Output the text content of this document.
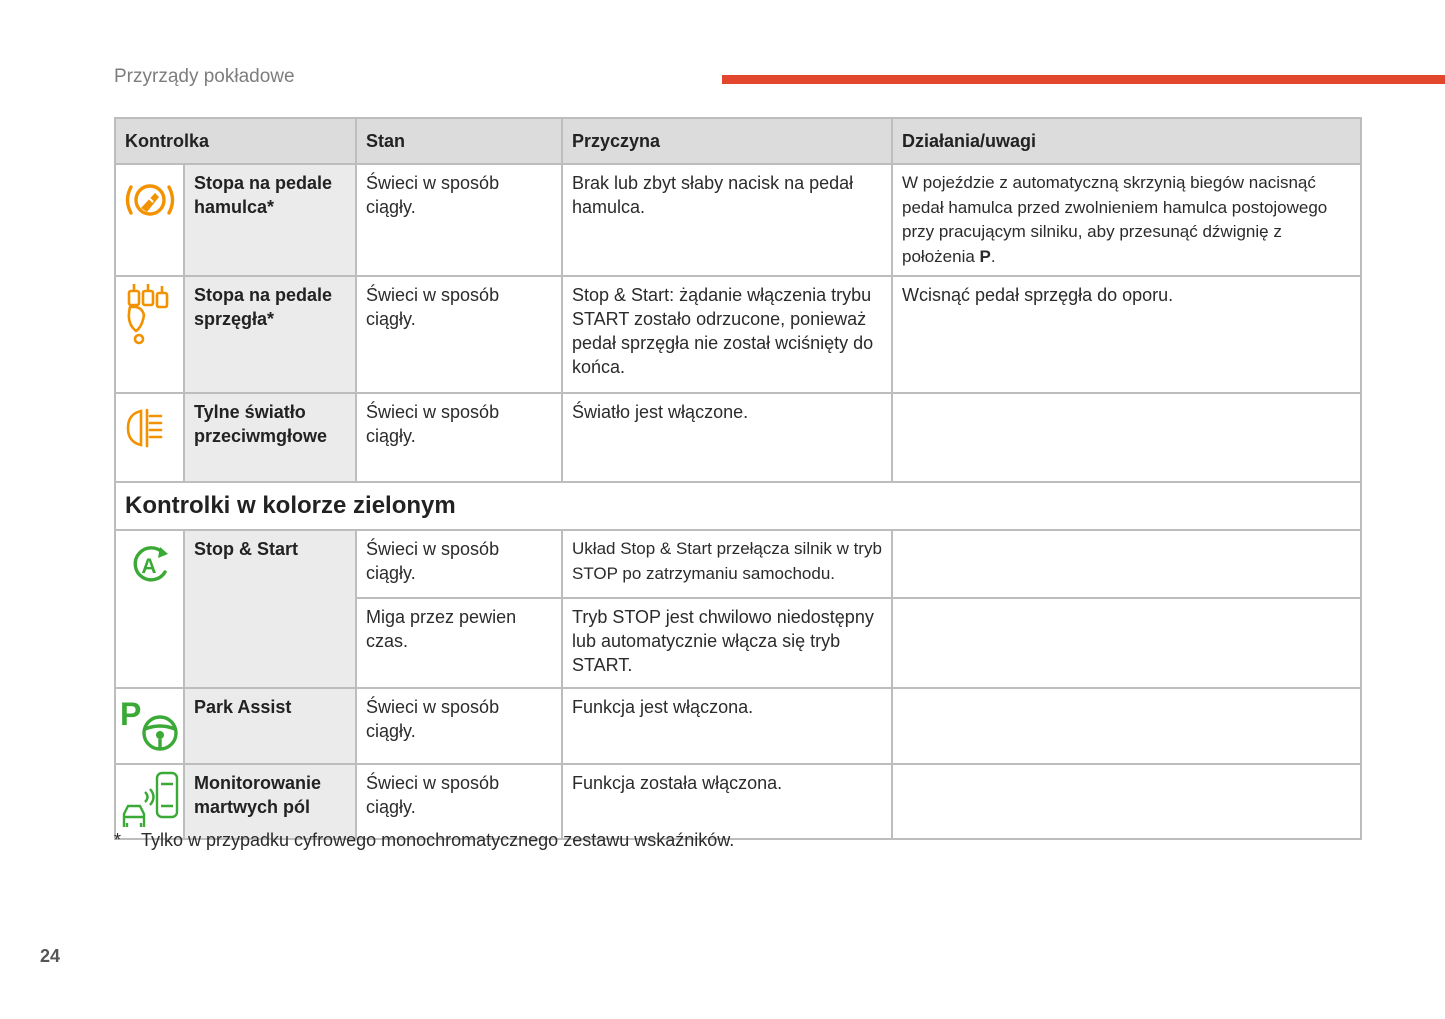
Przyrządy pokładowe
Kontrolka		Stan	Przyczyna	Działania/uwagi

	Stopa na pedale hamulca*	Świeci w sposób ciągły.	Brak lub zbyt słaby nacisk na pedał hamulca.	W pojeździe z automatyczną skrzynią biegów nacisnąć pedał hamulca przed zwolnieniem hamulca postojowego przy pracującym silniku, aby przesunąć dźwignię z położenia P.

	Stopa na pedale sprzęgła*	Świeci w sposób ciągły.	Stop & Start: żądanie włączenia trybu START zostało odrzucone, ponieważ pedał sprzęgła nie został wciśnięty do końca.	Wcisnąć pedał sprzęgła do oporu.

	Tylne światło przeciwmgłowe	Świeci w sposób ciągły.	Światło jest włączone.	
Kontrolki w kolorze zielonym				

A	Stop & Start	Świeci w sposób ciągły.	Układ Stop & Start przełącza silnik w tryb STOP po zatrzymaniu samochodu.	
		Miga przez pewien czas.	Tryb STOP jest chwilowo niedostępny lub automatycznie włącza się tryb START.	

P	Park Assist	Świeci w sposób ciągły.	Funkcja jest włączona.	

	Monitorowanie martwych pól	Świeci w sposób ciągły.	Funkcja została włączona.	
* Tylko w przypadku cyfrowego monochromatycznego zestawu wskaźników.
24
